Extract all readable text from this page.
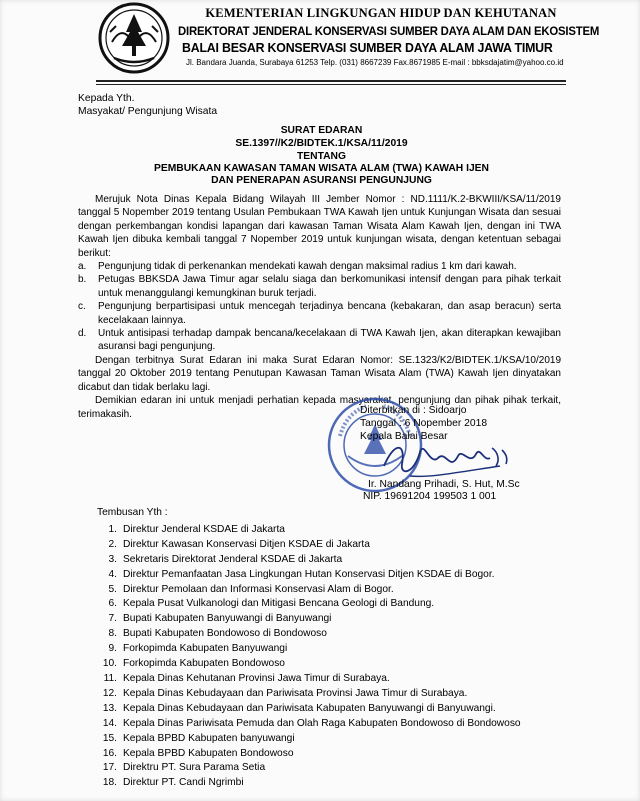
KEMENTERIAN LINGKUNGAN HIDUP DAN KEHUTANAN
DIREKTORAT JENDERAL KONSERVASI SUMBER DAYA ALAM DAN EKOSISTEM
BALAI BESAR KONSERVASI SUMBER DAYA ALAM JAWA TIMUR
Jl. Bandara Juanda, Surabaya 61253 Telp. (031) 8667239 Fax.8671985 E-mail : bbksdajatim@yahoo.co.id
Kepada Yth.
Masyakat/ Pengunjung Wisata
SURAT EDARAN
SE.1397//K2/BIDTEK.1/KSA/11/2019
TENTANG
PEMBUKAAN KAWASAN TAMAN WISATA ALAM (TWA) KAWAH IJEN
DAN PENERAPAN ASURANSI PENGUNJUNG

Merujuk Nota Dinas Kepala Bidang Wilayah III Jember Nomor : ND.1111/K.2-BKWIII/KSA/11/2019 tanggal 5 Nopember 2019 tentang Usulan Pembukaan TWA Kawah Ijen untuk Kunjungan Wisata dan sesuai dengan perkembangan kondisi lapangan dari kawasan Taman Wisata Alam Kawah Ijen, dengan ini TWA Kawah Ijen dibuka kembali tanggal 7 Nopember 2019 untuk kunjungan wisata, dengan ketentuan sebagai berikut:

a.	Pengunjung tidak di perkenankan mendekati kawah dengan maksimal radius 1 km dari kawah.
b.	Petugas BBKSDA Jawa Timur agar selalu siaga dan berkomunikasi intensif dengan para pihak terkait untuk menanggulangi kemungkinan buruk terjadi.
c.	Pengunjung berpartisipasi untuk mencegah terjadinya bencana (kebakaran, dan asap beracun) serta kecelakaan lainnya.
d.	Untuk antisipasi terhadap dampak bencana/kecelakaan di TWA Kawah Ijen, akan diterapkan kewajiban asuransi bagi pengunjung.

Dengan terbitnya Surat Edaran ini maka Surat Edaran Nomor: SE.1323/K2/BIDTEK.1/KSA/10/2019 tanggal 20 Oktober 2019 tentang Penutupan Kawasan Taman Wisata Alam (TWA) Kawah Ijen dinyatakan dicabut dan tidak berlaku lagi.

Demikian edaran ini untuk menjadi perhatian kepada masyarakat, pengunjung dan pihak pihak terkait, terimakasih.	Diterbitkan di : Sidoarjo
Tanggal : 6 Nopember 2018
Kepala Balai Besar
Ir. Nandang Prihadi, S. Hut, M.Sc
NIP. 19691204 199503 1 001
Tembusan Yth :
1. Direktur Jenderal KSDAE di Jakarta
2. Direktur Kawasan Konservasi Ditjen KSDAE di Jakarta
3. Sekretaris Direktorat Jenderal KSDAE di Jakarta
4. Direktur Pemanfaatan Jasa Lingkungan Hutan Konservasi Ditjen KSDAE di Bogor.
5. Direktur Pemolaan dan Informasi Konservasi Alam di Bogor.
6. Kepala Pusat Vulkanologi dan Mitigasi Bencana Geologi di Bandung.
7. Bupati Kabupaten Banyuwangi di Banyuwangi
8. Bupati Kabupaten Bondowoso di Bondowoso
9. Forkopimda Kabupaten Banyuwangi
10. Forkopimda Kabupaten Bondowoso
11. Kepala Dinas Kehutanan Provinsi Jawa Timur di Surabaya.
12. Kepala Dinas Kebudayaan dan Pariwisata Provinsi Jawa Timur di Surabaya.
13. Kepala Dinas Kebudayaan dan Pariwisata Kabupaten Banyuwangi di Banyuwangi.
14. Kepala Dinas Pariwisata Pemuda dan Olah Raga Kabupaten Bondowoso di Bondowoso
15. Kepala BPBD Kabupaten banyuwangi
16. Kepala BPBD Kabupaten Bondowoso
17. Direktru PT. Sura Parama Setia
18. Direktur PT. Candi Ngrimbi
